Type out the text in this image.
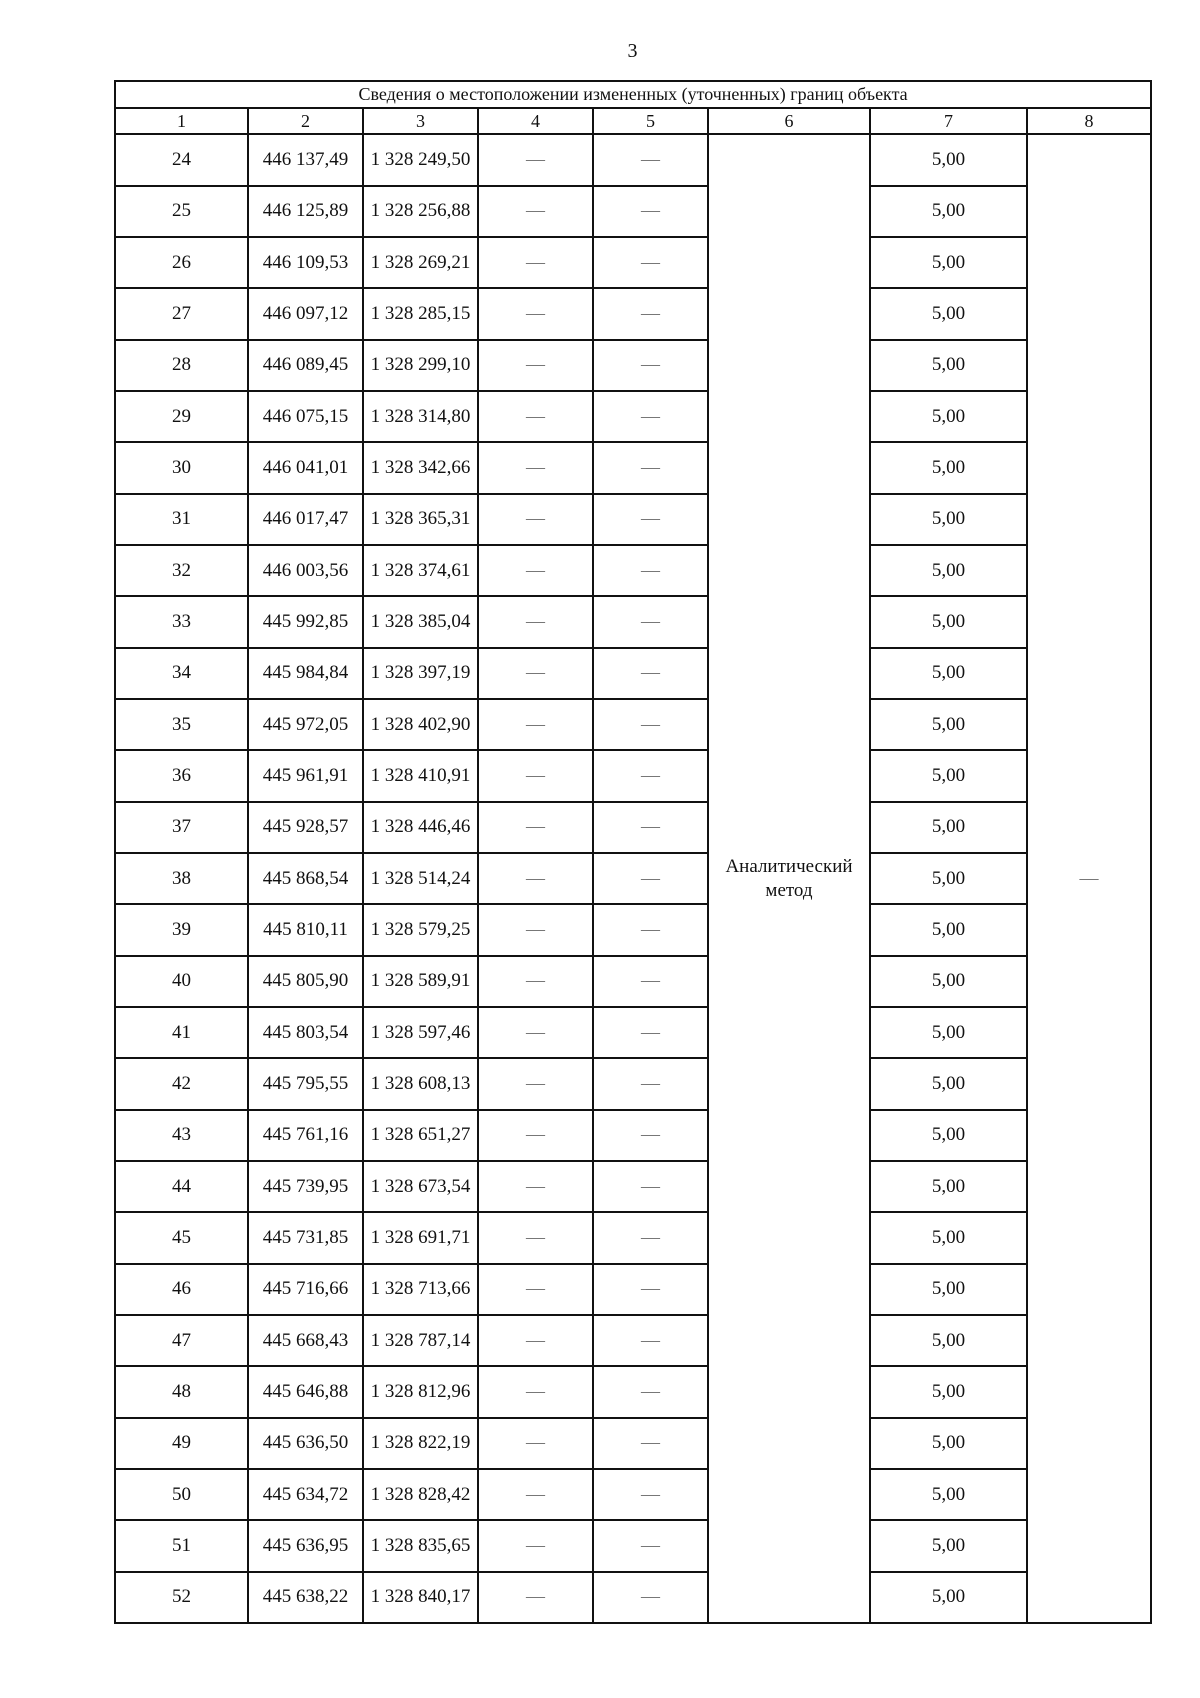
3
Сведения о местоположении измененных (уточненных) границ объекта							
1	2	3	4	5	6	7	8
24	446 137,49	1 328 249,50	—	—	Аналитический метод	5,00	—
25	446 125,89	1 328 256,88	—	—		5,00	
26	446 109,53	1 328 269,21	—	—		5,00	
27	446 097,12	1 328 285,15	—	—		5,00	
28	446 089,45	1 328 299,10	—	—		5,00	
29	446 075,15	1 328 314,80	—	—		5,00	
30	446 041,01	1 328 342,66	—	—		5,00	
31	446 017,47	1 328 365,31	—	—		5,00	
32	446 003,56	1 328 374,61	—	—		5,00	
33	445 992,85	1 328 385,04	—	—		5,00	
34	445 984,84	1 328 397,19	—	—		5,00	
35	445 972,05	1 328 402,90	—	—		5,00	
36	445 961,91	1 328 410,91	—	—		5,00	
37	445 928,57	1 328 446,46	—	—		5,00	
38	445 868,54	1 328 514,24	—	—		5,00	
39	445 810,11	1 328 579,25	—	—		5,00	
40	445 805,90	1 328 589,91	—	—		5,00	
41	445 803,54	1 328 597,46	—	—		5,00	
42	445 795,55	1 328 608,13	—	—		5,00	
43	445 761,16	1 328 651,27	—	—		5,00	
44	445 739,95	1 328 673,54	—	—		5,00	
45	445 731,85	1 328 691,71	—	—		5,00	
46	445 716,66	1 328 713,66	—	—		5,00	
47	445 668,43	1 328 787,14	—	—		5,00	
48	445 646,88	1 328 812,96	—	—		5,00	
49	445 636,50	1 328 822,19	—	—		5,00	
50	445 634,72	1 328 828,42	—	—		5,00	
51	445 636,95	1 328 835,65	—	—		5,00	
52	445 638,22	1 328 840,17	—	—		5,00	
